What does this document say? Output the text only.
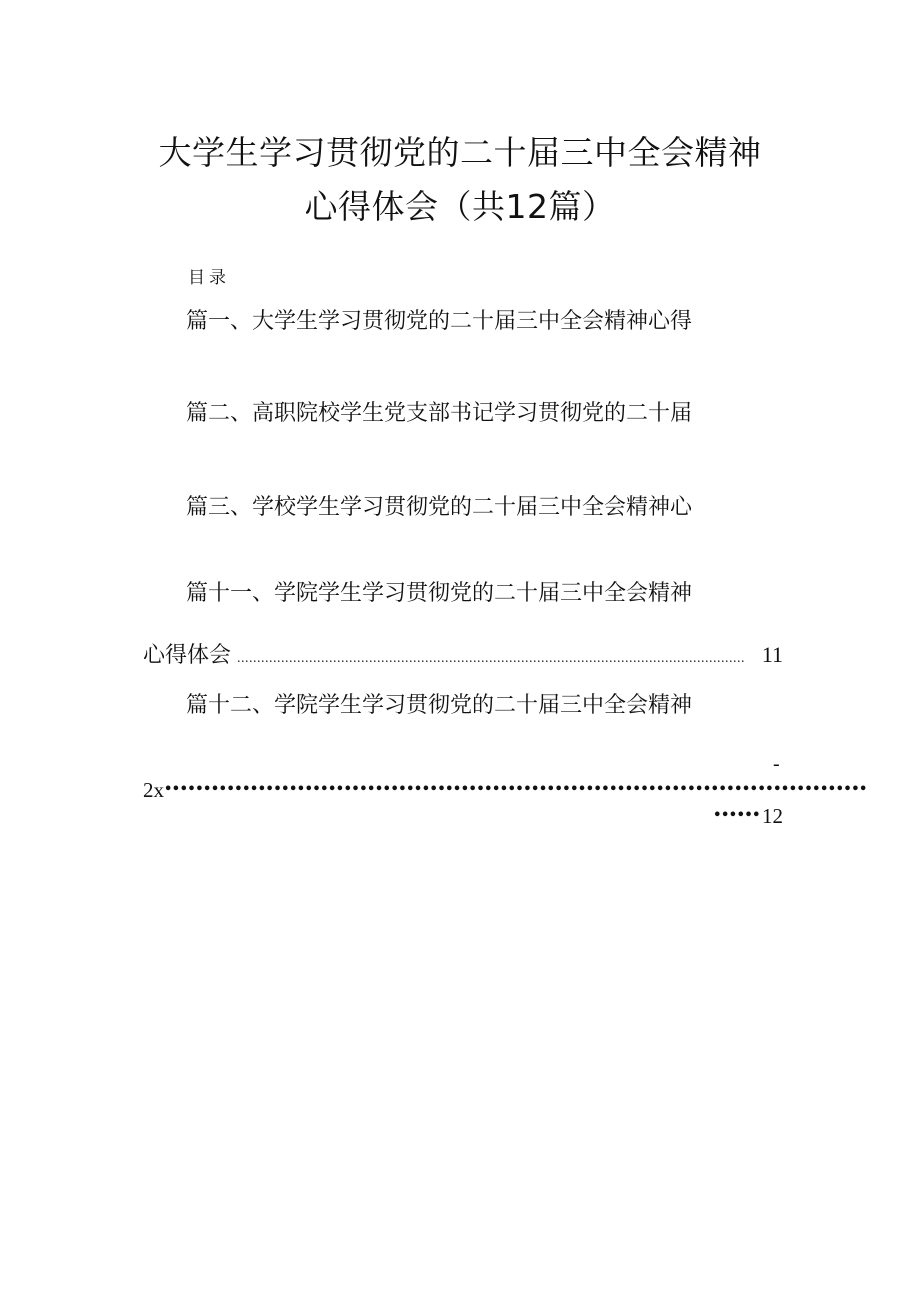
大学生学习贯彻党的二十届三中全会精神
心得体会（共12篇）
目录
篇一、大学生学习贯彻党的二十届三中全会精神心得
篇二、高职院校学生党支部书记学习贯彻党的二十届
篇三、学校学生学习贯彻党的二十届三中全会精神心
篇十一、学院学生学习贯彻党的二十届三中全会精神
心得体会 ............................................................................................................................... 11
篇十二、学院学生学习贯彻党的二十届三中全会精神
-
2x ••••••••••••••••••••••••••••••••••••••••••••••••••••••••••••••••••••••••••••••••••••••••••
•••••• 12
